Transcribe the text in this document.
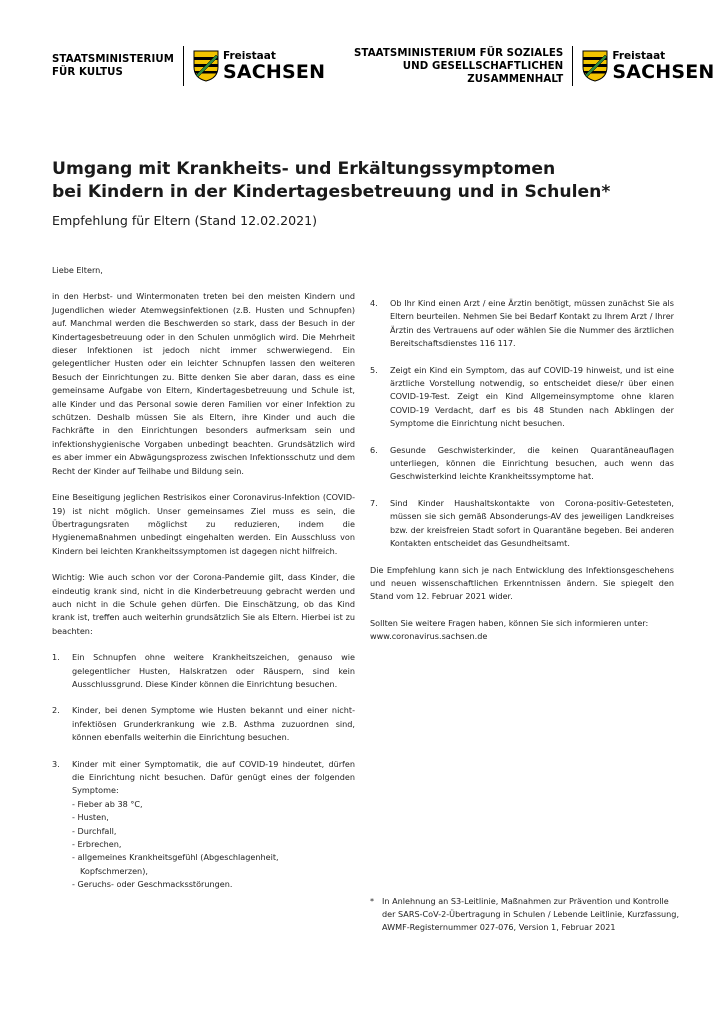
STAATSMINISTERIUM
FÜR KULTUS
Freistaat
SACHSEN
STAATSMINISTERIUM FÜR SOZIALES
UND GESELLSCHAFTLICHEN
ZUSAMMENHALT
Freistaat
SACHSEN
Umgang mit Krankheits- und Erkältungssymptomen
bei Kindern in der Kindertagesbetreuung und in Schulen*
Empfehlung für Eltern (Stand 12.02.2021)

Liebe Eltern,

in den Herbst- und Wintermonaten treten bei den meisten Kindern und Jugendlichen wieder Atemwegsinfektionen (z.B. Husten und Schnupfen) auf. Manchmal werden die Beschwerden so stark, dass der Besuch in der Kindertagesbetreuung oder in den Schulen unmöglich wird. Die Mehrheit dieser Infektionen ist jedoch nicht immer schwerwiegend. Ein gelegentlicher Husten oder ein leichter Schnupfen lassen den weiteren Besuch der Einrichtungen zu. Bitte denken Sie aber daran, dass es eine gemeinsame Aufgabe von Eltern, Kindertagesbetreuung und Schule ist, alle Kinder und das Personal sowie deren Familien vor einer Infektion zu schützen. Deshalb müssen Sie als Eltern, ihre Kinder und auch die Fachkräfte in den Einrichtungen besonders aufmerksam sein und infektionshygienische Vorgaben unbedingt beachten. Grundsätzlich wird es aber immer ein Abwägungsprozess zwischen Infektionsschutz und dem Recht der Kinder auf Teilhabe und Bildung sein.

Eine Beseitigung jeglichen Restrisikos einer Coronavirus-Infektion (COVID-19) ist nicht möglich. Unser gemeinsames Ziel muss es sein, die Übertragungsraten möglichst zu reduzieren, indem die Hygienemaßnahmen unbedingt eingehalten werden. Ein Ausschluss von Kindern bei leichten Krankheitssymptomen ist dagegen nicht hilfreich.

Wichtig: Wie auch schon vor der Corona-Pandemie gilt, dass Kinder, die eindeutig krank sind, nicht in die Kinderbetreuung gebracht werden und auch nicht in die Schule gehen dürfen. Die Einschätzung, ob das Kind krank ist, treffen auch weiterhin grundsätzlich Sie als Eltern. Hierbei ist zu beachten:

1.	Ein Schnupfen ohne weitere Krankheitszeichen, genauso wie gelegentlicher Husten, Halskratzen oder Räuspern, sind kein Ausschlussgrund. Diese Kinder können die Einrichtung besuchen.
2.	Kinder, bei denen Symptome wie Husten bekannt und einer nicht-infektiösen Grunderkrankung wie z.B. Asthma zuzuordnen sind, können ebenfalls weiterhin die Einrichtung besuchen.
3.	Kinder mit einer Symptomatik, die auf COVID-19 hindeutet, dürfen die Einrichtung nicht besuchen. Dafür genügt eines der folgenden Symptome:
- Fieber ab 38 °C,
- Husten,
- Durchfall,
- Erbrechen,
- allgemeines Krankheitsgefühl (Abgeschlagenheit,
Kopfschmerzen),
- Geruchs- oder Geschmacksstörungen.
4.	Ob Ihr Kind einen Arzt / eine Ärztin benötigt, müssen zunächst Sie als Eltern beurteilen. Nehmen Sie bei Bedarf Kontakt zu Ihrem Arzt / Ihrer Ärztin des Vertrauens auf oder wählen Sie die Nummer des ärztlichen Bereitschaftsdienstes 116 117.
5.	Zeigt ein Kind ein Symptom, das auf COVID-19 hinweist, und ist eine ärztliche Vorstellung notwendig, so entscheidet diese/r über einen COVID-19-Test. Zeigt ein Kind Allgemeinsymptome ohne klaren COVID-19 Verdacht, darf es bis 48 Stunden nach Abklingen der Symptome die Einrichtung nicht besuchen.
6.	Gesunde Geschwisterkinder, die keinen Quarantäneauflagen unterliegen, können die Einrichtung besuchen, auch wenn das Geschwisterkind leichte Krankheitssymptome hat.
7.	Sind Kinder Haushaltskontakte von Corona-positiv-Getesteten, müssen sie sich gemäß Absonderungs-AV des jeweiligen Landkreises bzw. der kreisfreien Stadt sofort in Quarantäne begeben. Bei anderen Kontakten entscheidet das Gesundheitsamt.

Die Empfehlung kann sich je nach Entwicklung des Infektionsgeschehens und neuen wissenschaftlichen Erkenntnissen ändern. Sie spiegelt den Stand vom 12. Februar 2021 wider.

Sollten Sie weitere Fragen haben, können Sie sich informieren unter:

www.coronavirus.sachsen.de

* In Anlehnung an S3-Leitlinie, Maßnahmen zur Prävention und Kontrolle der SARS-CoV-2-Übertragung in Schulen / Lebende Leitlinie, Kurzfassung, AWMF-Registernummer 027-076, Version 1, Februar 2021
